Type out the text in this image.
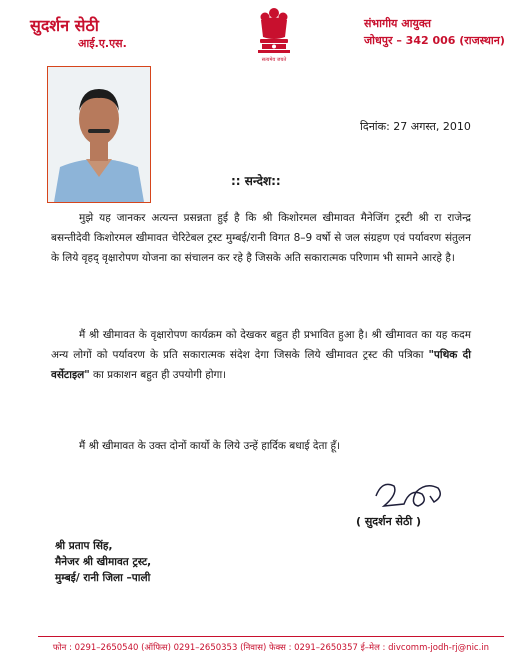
सुदर्शन सेठी
आई.ए.एस.
सत्यमेव जयते
संभागीय आयुक्त
जोधपुर – 342 006 (राजस्थान)
दिनांक: 27 अगस्त, 2010
:: सन्देश::

मुझे यह जानकर अत्यन्त प्रसन्नता हुई है कि श्री किशोरमल खीमावत मैनेजिंग ट्रस्टी श्री रा राजेन्द्र बसन्तीदेवी किशोरमल खीमावत चेरिटेबल ट्रस्ट मुम्बई/रानी विगत 8–9 वर्षो से जल संग्रहण एवं पर्यावरण संतुलन के लिये वृहद् वृक्षारोपण योजना का संचालन कर रहे है जिसके अति सकारात्मक परिणाम भी सामने आरहे है।

मैं श्री खीमावत के वृक्षारोपण कार्यक्रम को देखकर बहुत ही प्रभावित हुआ है। श्री खीमावत का यह कदम अन्य लोगों को पर्यावरण के प्रति सकारात्मक संदेश देगा जिसके लिये खीमावत ट्रस्ट की पत्रिका "पथिक दी वर्सेटाइल" का प्रकाशन बहुत ही उपयोगी होगा।

मैं श्री खीमावत के उक्त दोनों कार्यो के लिये उन्हें हार्दिक बधाई देता हूँ।

( सुदर्शन सेठी )
श्री प्रताप सिंह,
मैनेजर श्री खीमावत ट्रस्ट,
मुम्बई/ रानी जिला –पाली
फोन : 0291–2650540 (ऑफिस) 0291–2650353 (निवास) फेक्स : 0291–2650357 ई–मेल : divcomm-jodh-rj@nic.in
